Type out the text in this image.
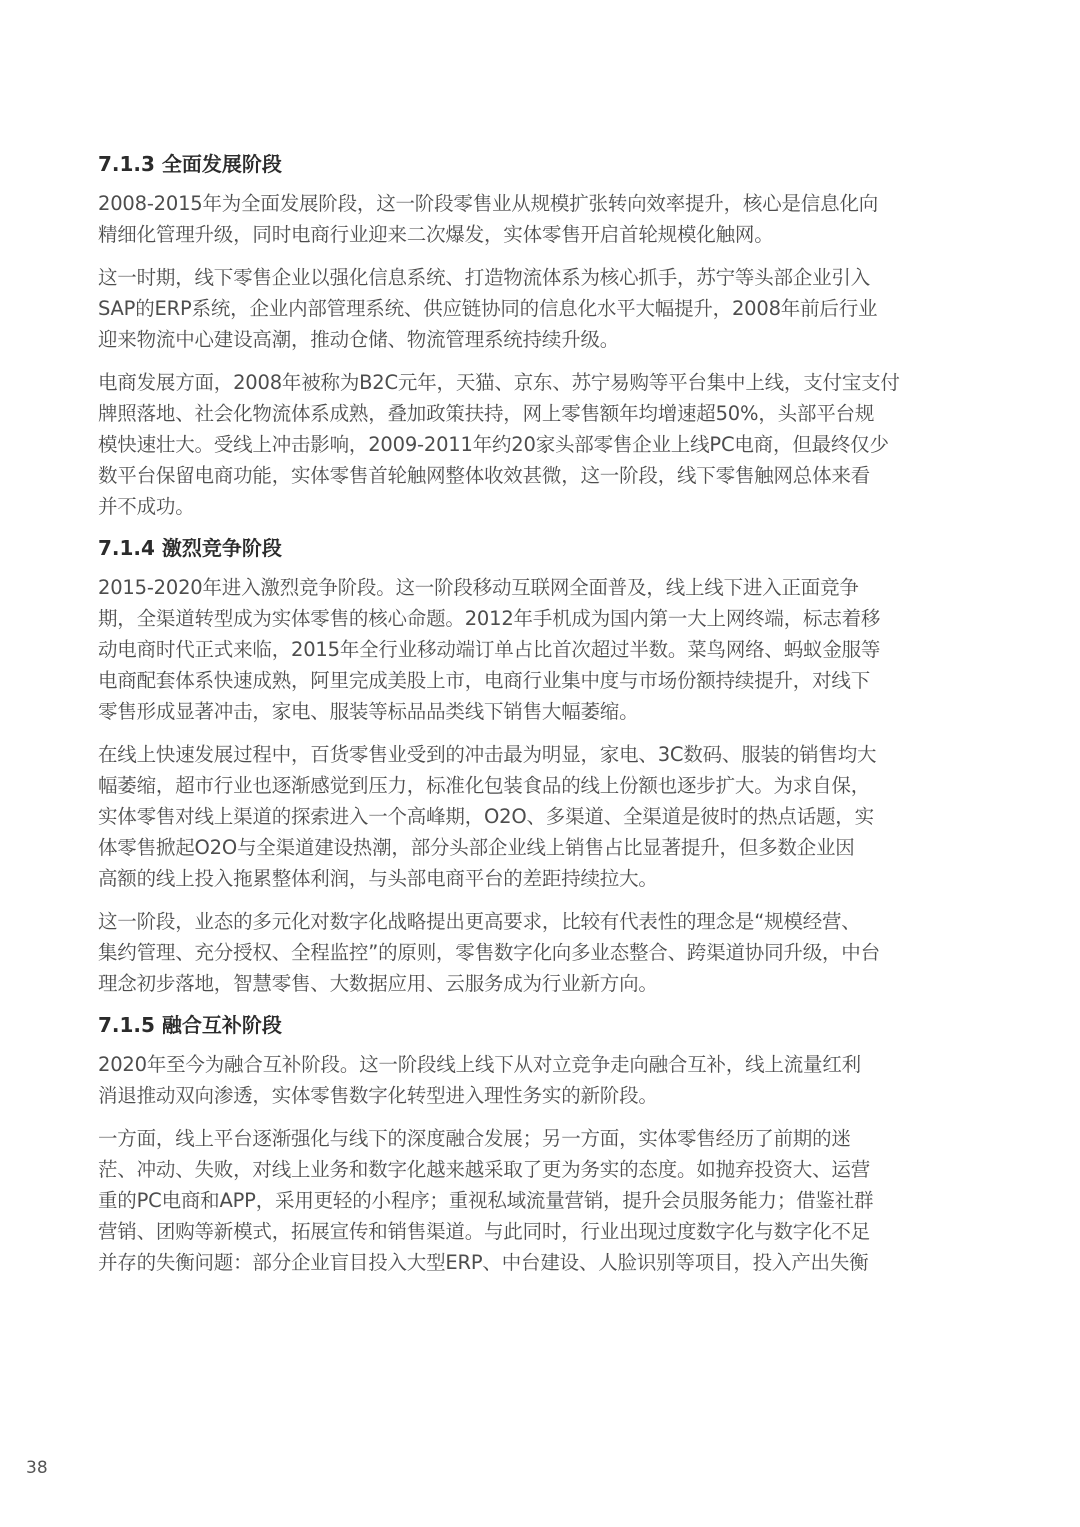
7.1.3 全面发展阶段

2008-2015年为全面发展阶段，这一阶段零售业从规模扩张转向效率提升，核心是信息化向
精细化管理升级，同时电商行业迎来二次爆发，实体零售开启首轮规模化触网。

这一时期，线下零售企业以强化信息系统、打造物流体系为核心抓手，苏宁等头部企业引入
SAP的ERP系统，企业内部管理系统、供应链协同的信息化水平大幅提升，2008年前后行业
迎来物流中心建设高潮，推动仓储、物流管理系统持续升级。

电商发展方面，2008年被称为B2C元年，天猫、京东、苏宁易购等平台集中上线，支付宝支付
牌照落地、社会化物流体系成熟，叠加政策扶持，网上零售额年均增速超50%，头部平台规
模快速壮大。受线上冲击影响，2009-2011年约20家头部零售企业上线PC电商，但最终仅少
数平台保留电商功能，实体零售首轮触网整体收效甚微，这一阶段，线下零售触网总体来看
并不成功。

7.1.4 激烈竞争阶段

2015-2020年进入激烈竞争阶段。这一阶段移动互联网全面普及，线上线下进入正面竞争
期，全渠道转型成为实体零售的核心命题。2012年手机成为国内第一大上网终端，标志着移
动电商时代正式来临，2015年全行业移动端订单占比首次超过半数。菜鸟网络、蚂蚁金服等
电商配套体系快速成熟，阿里完成美股上市，电商行业集中度与市场份额持续提升，对线下
零售形成显著冲击，家电、服装等标品品类线下销售大幅萎缩。

在线上快速发展过程中，百货零售业受到的冲击最为明显，家电、3C数码、服装的销售均大
幅萎缩，超市行业也逐渐感觉到压力，标准化包装食品的线上份额也逐步扩大。为求自保，
实体零售对线上渠道的探索进入一个高峰期，O2O、多渠道、全渠道是彼时的热点话题，实
体零售掀起O2O与全渠道建设热潮，部分头部企业线上销售占比显著提升，但多数企业因
高额的线上投入拖累整体利润，与头部电商平台的差距持续拉大。

这一阶段，业态的多元化对数字化战略提出更高要求，比较有代表性的理念是“规模经营、
集约管理、充分授权、全程监控”的原则，零售数字化向多业态整合、跨渠道协同升级，中台
理念初步落地，智慧零售、大数据应用、云服务成为行业新方向。

7.1.5 融合互补阶段

2020年至今为融合互补阶段。这一阶段线上线下从对立竞争走向融合互补，线上流量红利
消退推动双向渗透，实体零售数字化转型进入理性务实的新阶段。

一方面，线上平台逐渐强化与线下的深度融合发展；另一方面，实体零售经历了前期的迷
茫、冲动、失败，对线上业务和数字化越来越采取了更为务实的态度。如抛弃投资大、运营
重的PC电商和APP，采用更轻的小程序；重视私域流量营销，提升会员服务能力；借鉴社群
营销、团购等新模式，拓展宣传和销售渠道。与此同时，行业出现过度数字化与数字化不足
并存的失衡问题：部分企业盲目投入大型ERP、中台建设、人脸识别等项目，投入产出失衡

38
